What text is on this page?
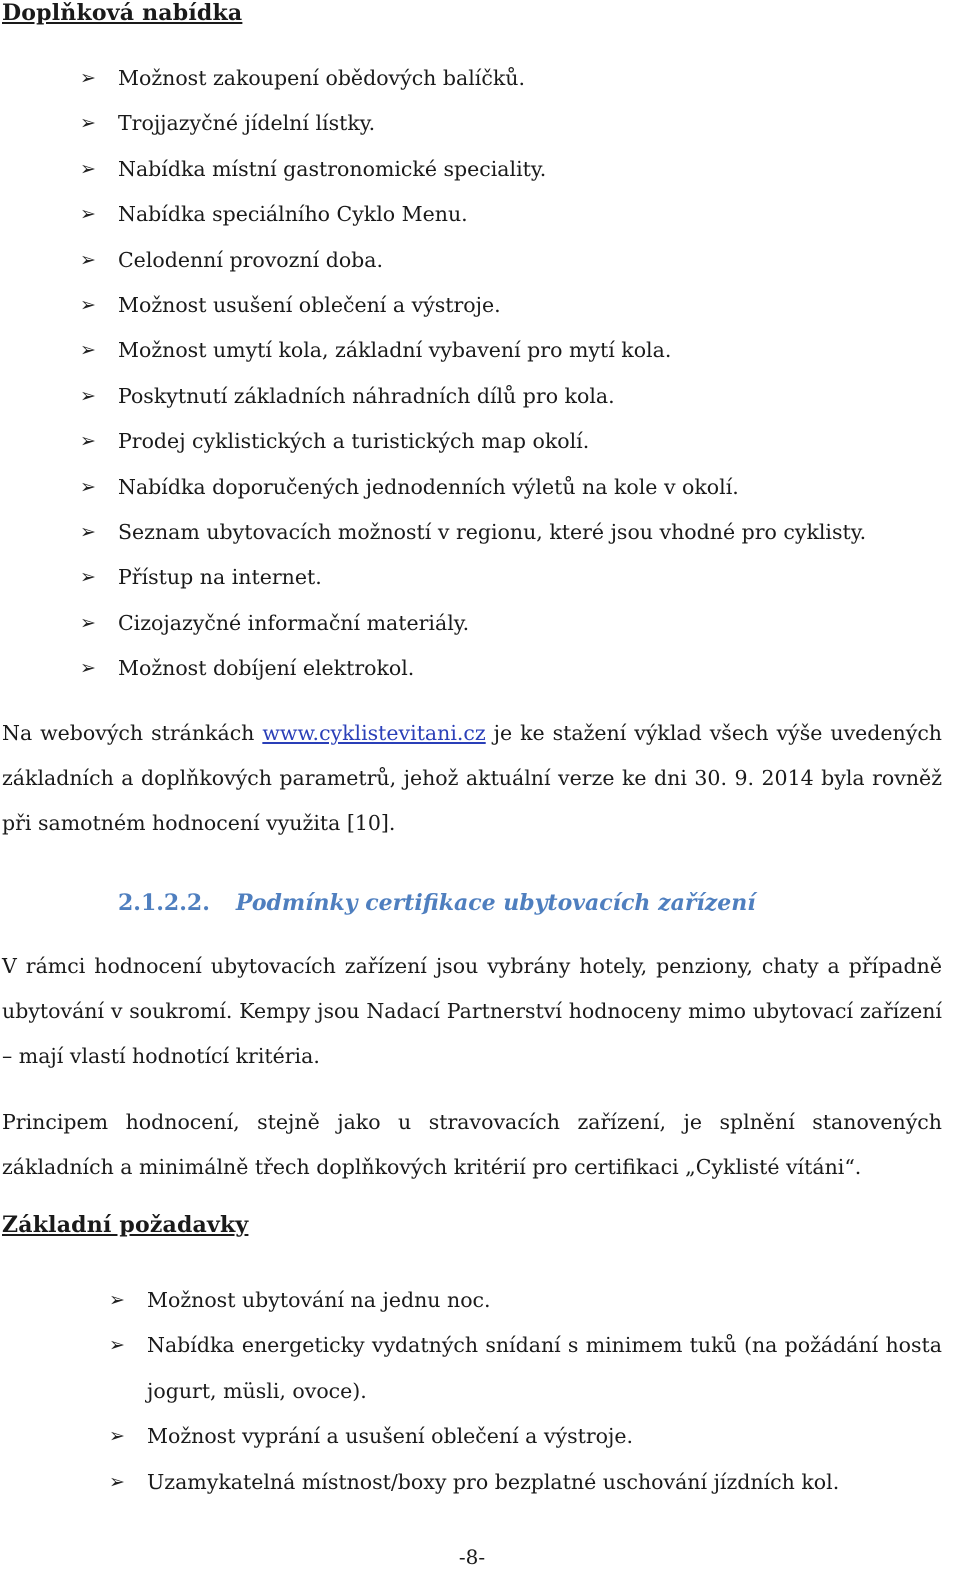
Doplňková nabídka
➢ Možnost zakoupení obědových balíčků.
➢ Trojjazyčné jídelní lístky.
➢ Nabídka místní gastronomické speciality.
➢ Nabídka speciálního Cyklo Menu.
➢ Celodenní provozní doba.
➢ Možnost usušení oblečení a výstroje.
➢ Možnost umytí kola, základní vybavení pro mytí kola.
➢ Poskytnutí základních náhradních dílů pro kola.
➢ Prodej cyklistických a turistických map okolí.
➢ Nabídka doporučených jednodenních výletů na kole v okolí.
➢ Seznam ubytovacích možností v regionu, které jsou vhodné pro cyklisty.
➢ Přístup na internet.
➢ Cizojazyčné informační materiály.
➢ Možnost dobíjení elektrokol.

Na webových stránkách www.cyklistevitani.cz je ke stažení výklad všech výše uvedených základních a doplňkových parametrů, jehož aktuální verze ke dni 30. 9. 2014 byla rovněž při samotném hodnocení využita [10].

2.1.2.2. Podmínky certifikace ubytovacích zařízení

V rámci hodnocení ubytovacích zařízení jsou vybrány hotely, penziony, chaty a případně ubytování v soukromí. Kempy jsou Nadací Partnerství hodnoceny mimo ubytovací zařízení – mají vlastí hodnotící kritéria.

Principem hodnocení, stejně jako u stravovacích zařízení, je splnění stanovených základních a minimálně třech doplňkových kritérií pro certifikaci „Cyklisté vítáni“.

Základní požadavky
➢ Možnost ubytování na jednu noc.
➢ Nabídka energeticky vydatných snídaní s minimem tuků (na požádání hosta jogurt, müsli, ovoce).
➢ Možnost vyprání a usušení oblečení a výstroje.
➢ Uzamykatelná místnost/boxy pro bezplatné uschování jízdních kol.
-8-
